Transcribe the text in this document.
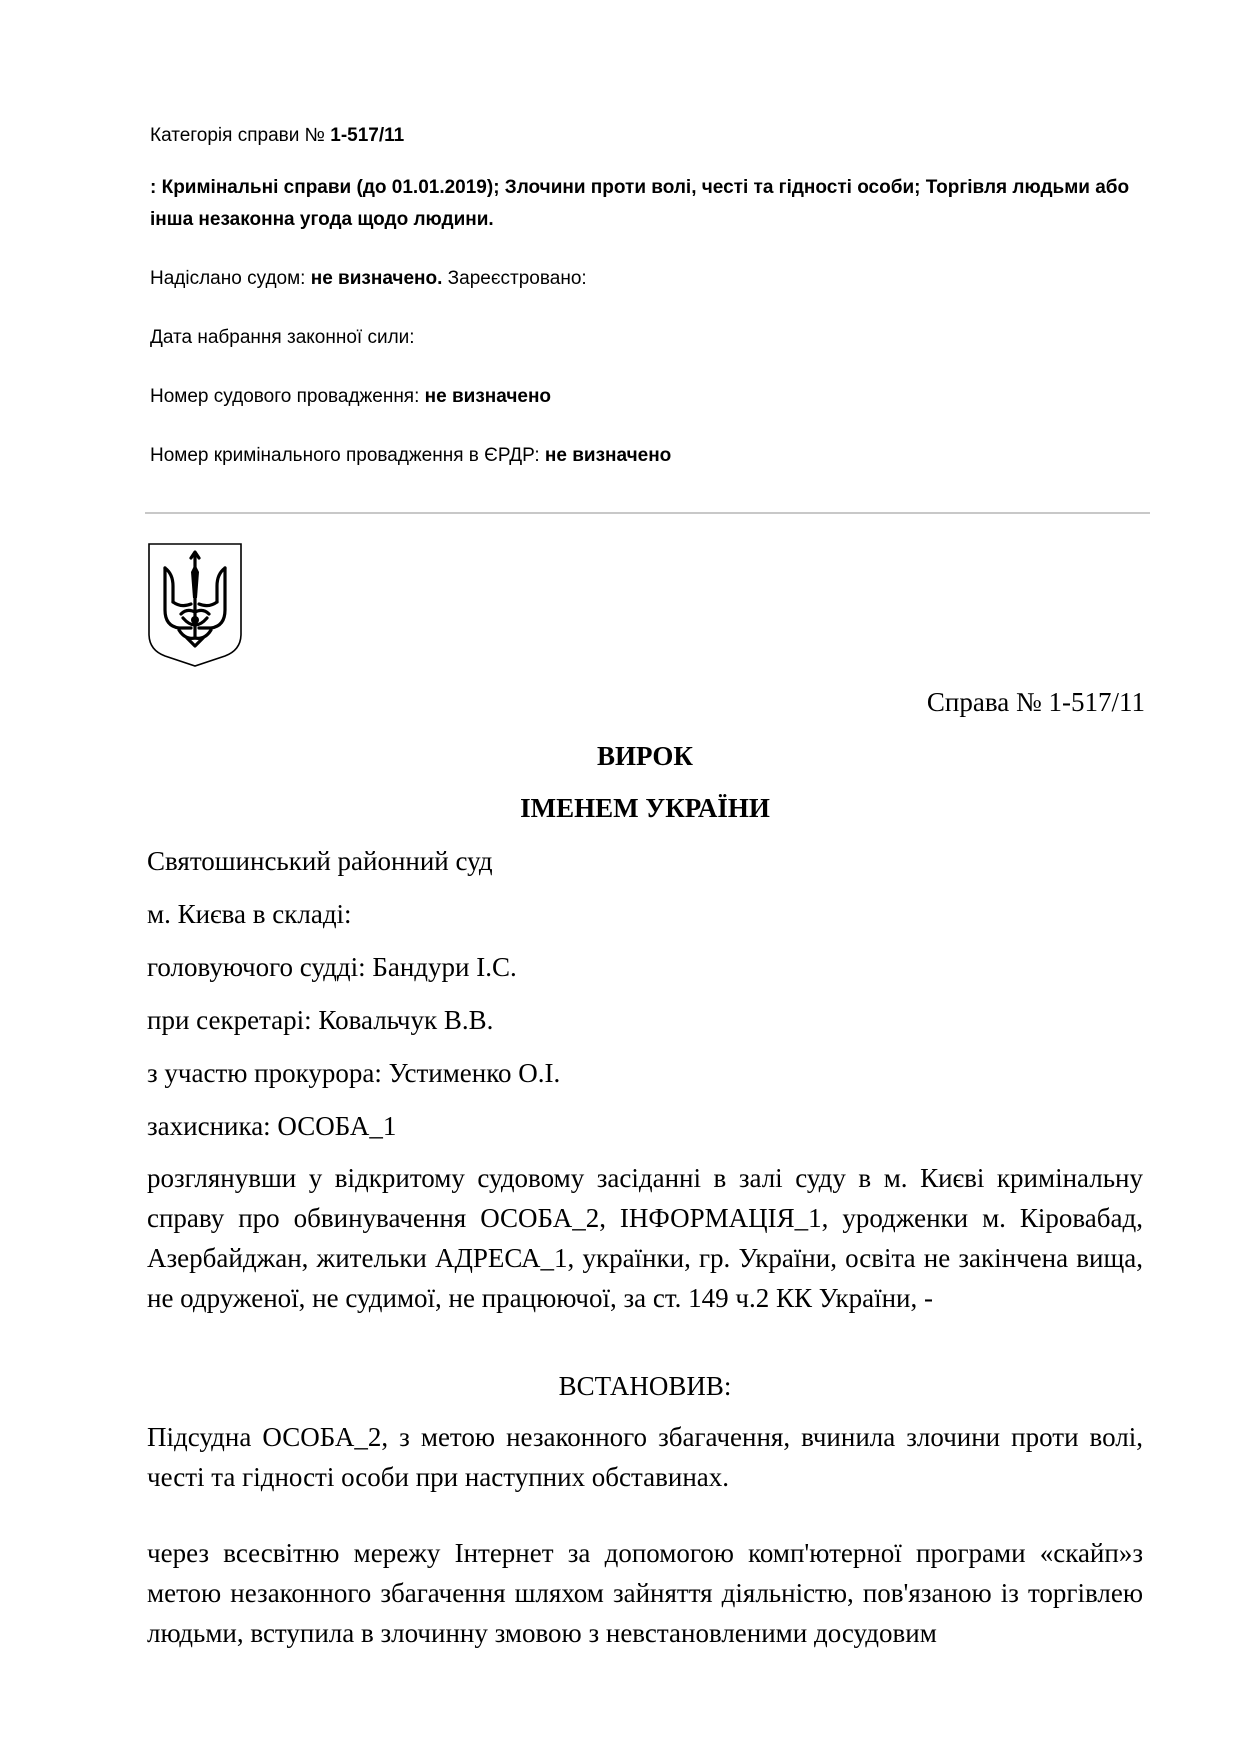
Категорія справи № 1-517/11
: Кримінальні справи (до 01.01.2019); Злочини проти волі, честі та гідності особи; Торгівля людьми або інша незаконна угода щодо людини.
Надіслано судом: не визначено. Зареєстровано:
Дата набрання законної сили:
Номер судового провадження: не визначено
Номер кримінального провадження в ЄРДР: не визначено
Справа № 1-517/11
ВИРОК
ІМЕНЕМ УКРАЇНИ
Святошинський районний суд
м. Києва в складі:
головуючого судді: Бандури І.С.
при секретарі: Ковальчук В.В.
з участю прокурора: Устименко О.І.
захисника: ОСОБА_1
розглянувши у відкритому судовому засіданні в залі суду в м. Києві кримінальну справу про обвинувачення ОСОБА_2, ІНФОРМАЦІЯ_1, уродженки м. Кіровабад, Азербайджан, жительки АДРЕСА_1, українки, гр. України, освіта не закінчена вища, не одруженої, не судимої, не працюючої, за ст. 149 ч.2 КК України, -
ВСТАНОВИВ:
Підсудна ОСОБА_2, з метою незаконного збагачення, вчинила злочини проти волі, честі та гідності особи при наступних обставинах.
через всесвітню мережу Інтернет за допомогою комп'ютерної програми «скайп»з метою незаконного збагачення шляхом зайняття діяльністю, пов'язаною із торгівлею людьми, вступила в злочинну змовою з невстановленими досудовим
